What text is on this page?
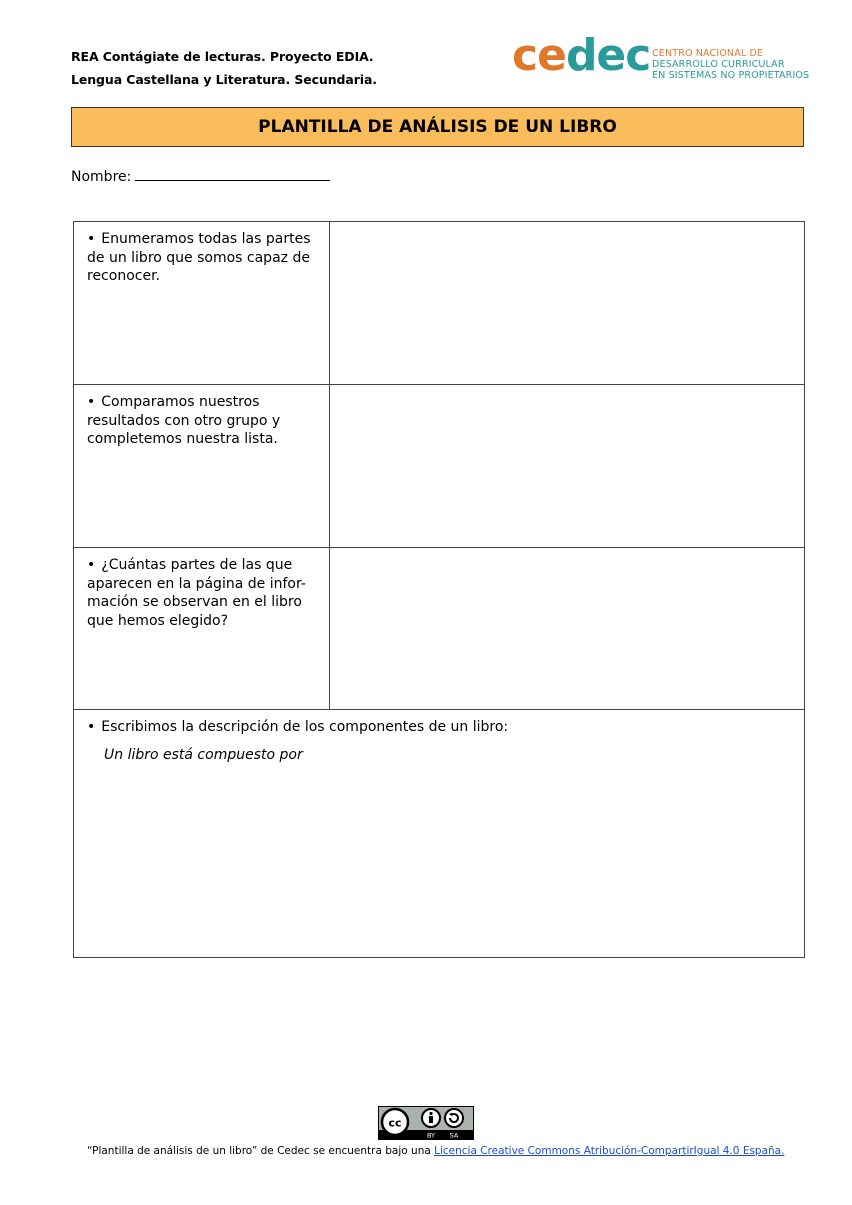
REA Contágiate de lecturas. Proyecto EDIA.
Lengua Castellana y Literatura. Secundaria.	cedec CENTRO NACIONAL DE
DESARROLLO CURRICULAR
EN SISTEMAS NO PROPIETARIOS
PLANTILLA DE ANÁLISIS DE UN LIBRO
Nombre:
• Enumeramos todas las partes de un libro que somos capaz de reconocer.
• Comparamos nuestros resultados con otro grupo y completemos nuestra lista.
• ¿Cuántas partes de las que aparecen en la página de infor-mación se observan en el libro que hemos elegido?
• Escribimos la descripción de los componentes de un libro:
Un libro está compuesto por
cc
BY SA
“Plantilla de análisis de un libro” de Cedec se encuentra bajo una Licencia Creative Commons Atribución-CompartirIgual 4.0 España.
